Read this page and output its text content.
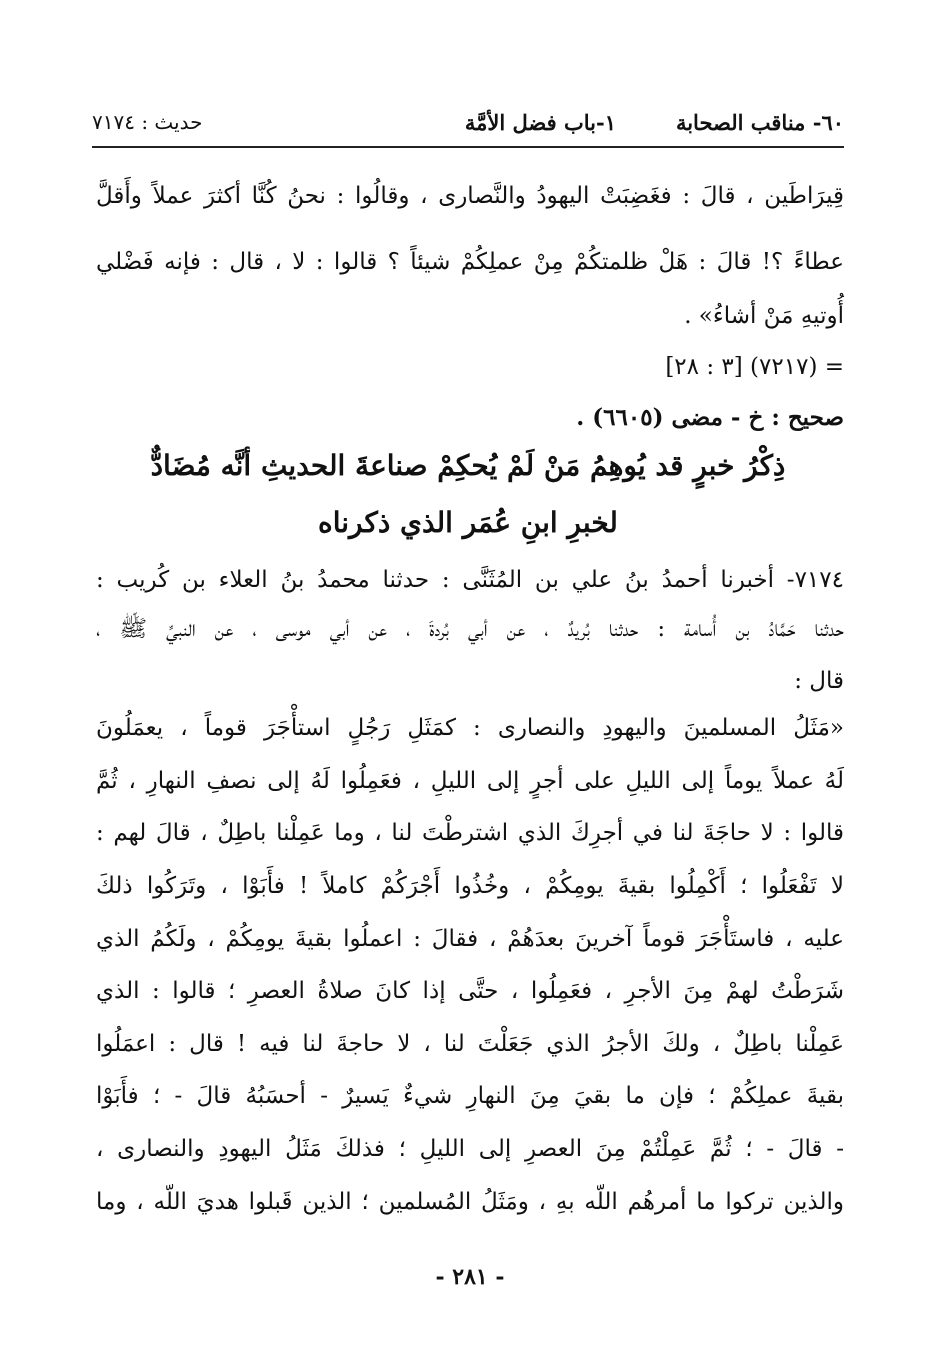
٦٠- مناقب الصحابة
١-باب فضل الأمَّة
حديث : ٧١٧٤
قِيرَاطَين ، قالَ : فغَضِبَتْ اليهودُ والنَّصارى ، وقالُوا : نحنُ كُنَّا أكثرَ عملاً وأَقلَّ
عطاءً ؟! قالَ : هَلْ ظلمتكُمْ مِنْ عملِكُمْ شيئاً ؟ قالوا : لا ، قال : فإنه فَضْلي
أُوتيهِ مَنْ أشاءُ» .
= (٧٢١٧) [٣ : ٢٨]
صحيح : خ - مضى (٦٦٠٥) .
ذِكْرُ خبرٍ قد يُوهِمُ مَنْ لَمْ يُحكِمْ صناعةَ الحديثِ أنَّه مُضَادٌّ
لخبرِ ابنِ عُمَر الذي ذكرناه
٧١٧٤- أخبرنا أحمدُ بنُ علي بن المُثَنَّى : حدثنا محمدُ بنُ العلاء بن كُريب :
حدثنا حَمَّادُ بن أُسامة : حدثنا بُريدٌ ، عن أبي بُردةَ ، عن أبي موسى ، عن النبيِّ ﷺ ،
قال :
«مَثَلُ المسلمينَ واليهودِ والنصارى : كمَثَلِ رَجُلٍ استأْجَرَ قوماً ، يعمَلُونَ
لَهُ عملاً يوماً إلى الليلِ على أجرٍ إلى الليلِ ، فعَمِلُوا لَهُ إلى نصفِ النهارِ ، ثُمَّ
قالوا : لا حاجَةَ لنا في أجرِكَ الذي اشترطْتَ لنا ، وما عَمِلْنا باطِلٌ ، قالَ لهم :
لا تَفْعَلُوا ؛ أَكْمِلُوا بقيةَ يومِكُمْ ، وخُذُوا أَجْرَكُمْ كاملاً ! فأَبَوْا ، وتَرَكُوا ذلكَ
عليه ، فاستَأْجَرَ قوماً آخرينَ بعدَهُمْ ، فقالَ : اعملُوا بقيةَ يومِكُمْ ، ولَكُمُ الذي
شَرَطْتُ لهمْ مِنَ الأجرِ ، فعَمِلُوا ، حتَّى إذا كانَ صلاةُ العصرِ ؛ قالوا : الذي
عَمِلْنا باطِلٌ ، ولكَ الأجرُ الذي جَعَلْتَ لنا ، لا حاجةَ لنا فيه ! قال : اعمَلُوا
بقيةَ عملِكُمْ ؛ فإن ما بقيَ مِنَ النهارِ شيءٌ يَسيرٌ - أحسَبُهُ قالَ - ؛ فأَبَوْا
- قالَ - ؛ ثُمَّ عَمِلْتُمْ مِنَ العصرِ إلى الليلِ ؛ فذلكَ مَثَلُ اليهودِ والنصارى ،
والذين تركوا ما أمرهُم اللّه بهِ ، ومَثَلُ المُسلمين ؛ الذين قَبلوا هديَ اللّه ، وما
- ٢٨١ -
